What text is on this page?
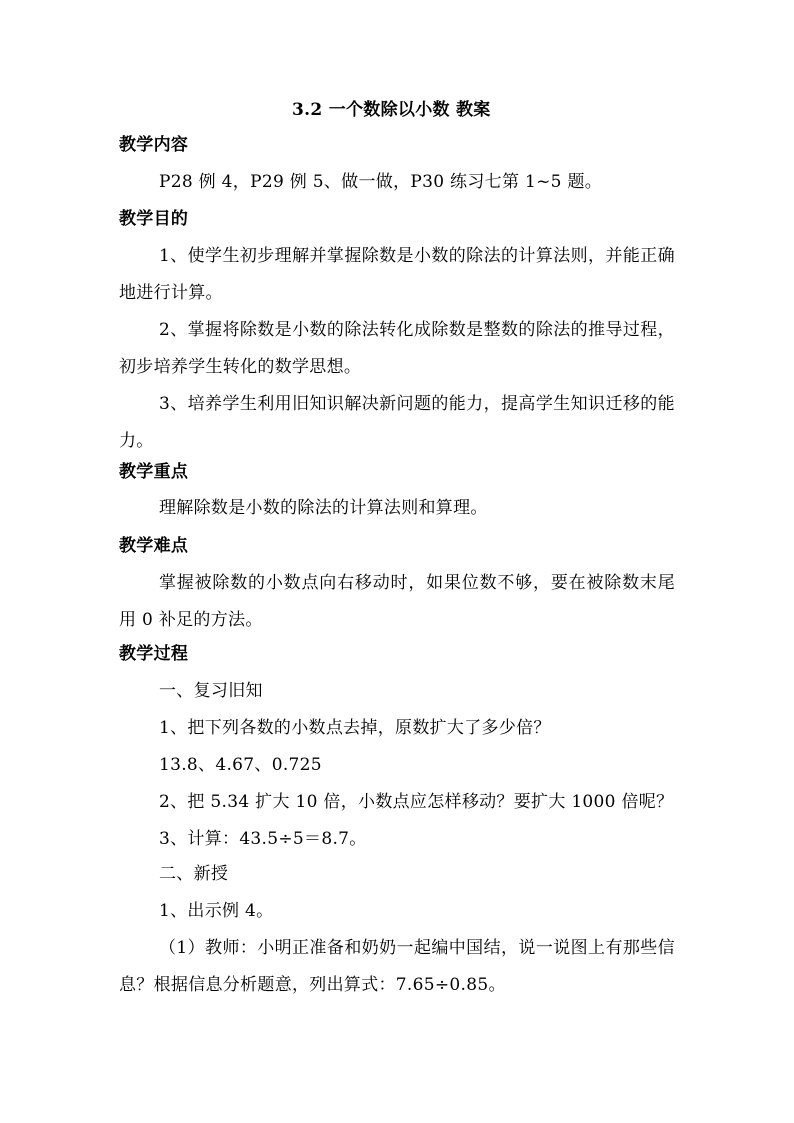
3.2 一个数除以小数 教案
教学内容
P28 例 4，P29 例 5、做一做，P30 练习七第 1~5 题。
教学目的
1、使学生初步理解并掌握除数是小数的除法的计算法则，并能正确地进行计算。
2、掌握将除数是小数的除法转化成除数是整数的除法的推导过程，初步培养学生转化的数学思想。
3、培养学生利用旧知识解决新问题的能力，提高学生知识迁移的能力。
教学重点
理解除数是小数的除法的计算法则和算理。
教学难点
掌握被除数的小数点向右移动时，如果位数不够，要在被除数末尾用 0 补足的方法。
教学过程
一、复习旧知
1、把下列各数的小数点去掉，原数扩大了多少倍？
13.8、4.67、0.725
2、把 5.34 扩大 10 倍，小数点应怎样移动？要扩大 1000 倍呢？
3、计算：43.5÷5＝8.7。
二、新授
1、出示例 4。
（1）教师：小明正准备和奶奶一起编中国结，说一说图上有那些信息？根据信息分析题意，列出算式：7.65÷0.85。
